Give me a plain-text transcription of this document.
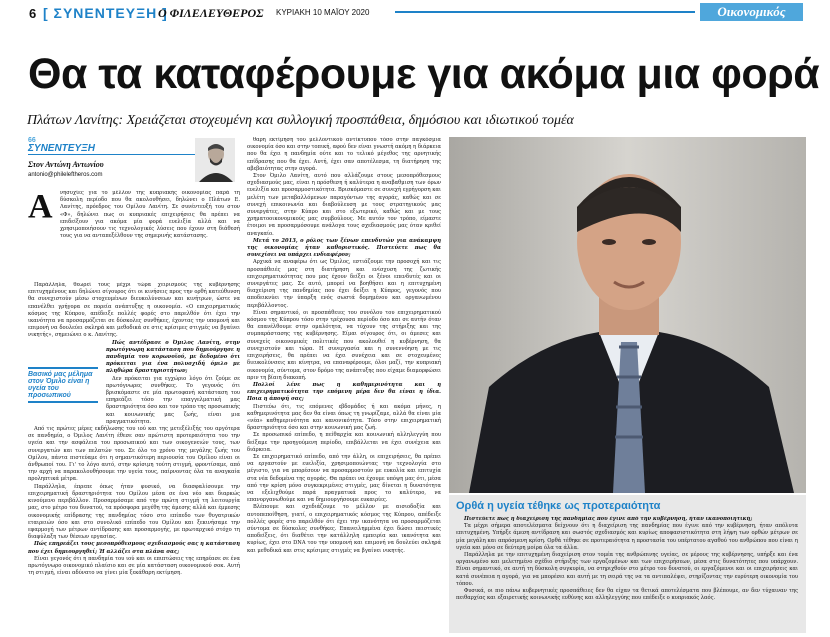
6 [ ΣΥΝΕΝΤΕΥΞΗ ]
Ο ΦΙΛΕΛΕΥΘΕΡΟΣ ΚΥΡΙΑΚΗ 10 ΜΑΪΟΥ 2020	Οικονομικός
Θα τα καταφέρουμε για ακόμα μια φορά
Πλάτων Λανίτης: Χρειάζεται στοχευμένη και συλλογική προσπάθεια, δημόσιου και ιδιωτικού τομέα
66
ΣΥΝΕΝΤΕΥΞΗ
Στον Αντώνη Αντωνίου
antonio@phileleftheros.com
Α νησυχίες για το μέλλον της κυπριακής οικονομίας παρά τη δύσκολη περίοδο που θα ακολουθήσει, δηλώνει ο Πλάτων Ε. Λανίτης, πρόεδρος του Ομίλου Λανίτη. Σε συνέντευξή του στον «Φ», δηλώνει πως οι κυπριακές επιχειρήσεις θα πρέπει να επιδείξουν για ακόμα μία φορά ευελιξία αλλά και να χρησιμοποιήσουν τις τεχνολογικές λύσεις που έχουν στη διάθεσή τους για να ανταπεξέλθουν της σημερινής κατάστασης.

Παράλληλα, θεωρεί τους μέχρι τώρα χειρισμούς της κυβέρνησης επιτυχημένους και δηλώνει σίγουρος ότι οι κινήσεις προς την ορθή κατεύθυνση θα συνεχιστούν μέσω στοχευμένων διευκολύνσεων και κινήτρων, ώστε να επανέλθει γρήγορα σε πορεία ανάπτυξης η οικονομία. «Ο επιχειρηματικός κόσμος της Κύπρου, απέδειξε πολλές φορές στο παρελθόν ότι έχει την ικανότητα να προσαρμόζεται σε δύσκολες συνθήκες, έχοντας την υπομονή και επιμονή να δουλεύει σκληρά και μεθοδικά σε στις κρίσιμες στιγμές να βγαίνει νικητής», σημειώνει ο κ. Λανίτης.

Πώς αντέδρασε ο Όμιλος Λανίτη, στην πρωτόγνωρη κατάσταση που δημιούργησε η πανδημία του κορωνοϊού, με δεδομένο ότι πρόκειται για ένα πολυσχιδή όμιλο με πληθώρα δραστηριοτήτων;

Δεν πρόκειται για εγχώριο λόγο ότι ζούμε σε πρωτόγνωρες συνθήκες. Το γεγονός ότι βρισκόμαστε σε μία πρωτοφανή κατάσταση του επηρεάζει τόσο την επαγγελματική μας δραστηριότητα όσο και τον τρόπο της προσωπικής και κοινωνικής μας ζωής, είναι μια πραγματικότητα.

Από τις πρώτες μέρες εκδήλωσης του ιού και της μετεξέλιξής του αργότερα σε πανδημία, ο Όμιλος Λανίτη έθεσε σαν πρώτιστη προτεραιότητα του την υγεία και την ασφάλεια του προσωπικού και των οικογενειών τους, των συνεργατών και των πελατών του. Σε όλο το χρόνο της μεγάλης ζωής του Ομίλου, πάντα πιστεύαμε ότι η σημαντικότερη περιουσία του Ομίλου είναι οι άνθρωποί του. Γι' το λόγο αυτό, στην κρίσιμη τούτη στιγμή, φροντίσαμε, από την αρχή να παρακολουθήσουμε την υγεία τους, παίρνοντας όλα τα αναγκαία προληπτικά μέτρα.

Παράλληλα, έπρεπε όπως ήταν φυσικό, να διασφαλίσουμε την επιχειρηματική δραστηριότητα του Ομίλου μέσα σε ένα νέο και διαρκώς κινούμενο περιβάλλον. Προσαρμόσαμε από την πρώτη στιγμή τη λειτουργία μας, στο μέτρο του δυνατού, τα πρόσφορα μεγέθη της άμεσης αλλά και έμμεσης οικονομικής επίδρασης της πανδημίας τόσο στο επίπεδο των θυγατρικών εταιρειών όσο και στο συνολικό επίπεδο του Ομίλου και ξεκινήσαμε την εφαρμογή των μέτρων αντίδρασης και προσαρμογής, με πρωταρχικό στόχο τη διαφύλαξη των θέσεων εργασίας.

Πώς επηρεάζει τους μεσοπρόθεσμους σχεδιασμούς σας η κατάσταση που έχει δημιουργηθεί; Ή αλλάζει στα πλάνα σας;

Είναι γεγονός ότι η πανδημία του ιού και οι επιπτώσεις της επηρέασε σε ένα πρωτόγνωρο οικονομικό πλαίσιο και σε μία κατάσταση οικονομικού σοκ. Αυτή τη στιγμή, είναι αδύνατο να γίνει μία ξεκάθαρη εκτίμηση.

Βασικό μας μέλημα στον Όμιλο είναι η υγεία του προσωπικού

θαρη εκτίμηση του μελλοντικού αντίκτυπου τόσο στην παγκόσμια οικονομία όσο και στην τοπική, αφού δεν είναι γνωστή ακόμη η διάρκεια που θα έχει η πανδημία ούτε και το τελικό μέγεθος της αρνητικής επίδρασης που θα έχει. Αυτή, έχει σαν αποτέλεσμα, τη διατήρηση της αβεβαιότητας στην αγορά.

Στον Όμιλο Λανίτη, αυτό που αλλάζουμε στους μεσοπρόθεσμους σχεδιασμούς μας, είναι η πρόσθεση ή καλύτερα η αναβαθμιση των όρων ευελιξία και προσαρμοστικότητα. Βρισκόμαστε σε συνεχή εγρήγορση και μελέτη των μεταβαλλόμενων παραγόντων της αγοράς, καθώς και σε συνεχή επικοινωνία και διαβούλευση με τους στρατηγικούς μας συνεργάτες, στην Κύπρο και στο εξωτερικό, καθώς και με τους χρηματοοικονομικούς μας συμβούλους. Με αυτόν τον τρόπο, είμαστε έτοιμοι να προσαρμόσουμε ανάλογα τους σχεδιασμούς μας όταν κριθεί αναγκαίο.

Μετά το 2013, ο ρόλος των ξένων επενδυτών για ανάκαμψη της οικονομίας ήταν καθοριστικός. Πιστεύετε πως θα συνεχίσει να υπάρχει ενδιαφέρον;

Αρχικά να αναφέρω ότι ως Όμιλος, εστιάζουμε την προσοχή και τις προσπάθειές μας στη διατήρηση και ενίσχυση της ζωτικής επιχειρηματικότητας που μας έχουν δείξει οι ξένοι επενδυτές και οι συνεργάτες μας. Σε αυτό, μπορεί να βοηθήσει και η επιτυχημένη διαχείριση της πανδημίας που έχει δείξει η Κύπρος, γεγονός που αποδεικνύει την ύπαρξη ενός σωστά δομημένου και οργανωμένου περιβάλλοντος.

Είναι σημαντικό, οι προσπάθειες του συνόλου του επιχειρηματικού κόσμου της Κύπρου τόσο στην τρέχουσα περίοδο όσο και σε αυτήν όταν θα επανέλθουμε στην ομαλότητα, να τύχουν της στήριξης και της συμπαράστασης της κυβέρνησης. Είμαι σίγουρος ότι, οι άμεσες και συνεχείς οικονομικές πολιτικές που ακολουθεί η κυβέρνηση, θα συνεχιστούν και τώρα. Η συνεργασία και η συνεννόηση με τις επιχειρήσεις, θα πρέπει να έχει συνέχεια και σε στοχευμένες διευκολύνσεις και κίνητρα, να επαναφέρουμε, όλοι μαζί, την κυπριακή οικονομία, σύντομα, στον δρόμο της ανάπτυξης που είχαμε διαμορφώσει πριν τη βίαιη διακοπή.

Πολλοί λένε πως η καθημερινότητα και η επιχειρηματικότητα την επόμενη μέρα δεν θα είναι η ίδια. Ποια η άποψή σας;

Πιστεύω ότι, τις επόμενες εβδομάδες ή και ακόμα μήνες, η καθημερινότητα μας δεν θα είναι όπως τη γνωρίζαμε, αλλά θα είναι μία «νέα» καθημερινότητα και κανονικότητα. Τόσο στην επιχειρηματική δραστηριότητα όσο και στην κοινωνική μας ζωή.

Σε προσωπικό επίπεδο, η πείθαρχία και κοινωνική αλληλεγγύη που δείξαμε την προηγούμενη περίοδο, επιβάλλεται να έχει συνέχεια και διάρκεια.

Σε επιχειρηματικό επίπεδο, από την άλλη, οι επιχειρήσεις, θα πρέπει να εργαστούν με ευελιξία, χρησιμοποιώντας την τεχνολογία στο μέγιστο, για να μπορέσουν να προσαρμοστούν με ευκολία και επιτυχία στα νέα δεδομένα της αγοράς. Θα πρέπει να έχουμε υπόψη μας ότι, μέσα από την κρίση μόνο συγκεκριμένες στιγμές, μας δίνεται η δυνατότητα να εξελιχθούμε παρά πραγματικά προς το καλύτερο, να επανοργανωθούμε και να δημιουργήσουμε ευκαιρίες.

Βλέπουμε και σχεδιάζουμε το μέλλον με αισιοδοξία και αυτοπεποίθηση, γιατί, ο επιχειρηματικός κόσμος της Κύπρου, απέδειξε πολλές φορές στο παρελθόν ότι έχει την ικανότητα να προσαρμόζεται σύντομα σε δύσκολες συνθήκες. Επανειλημμένα έχει δώσει πειστικές αποδείξεις, ότι διαθέτει την κατάλληλη εμπειρία και ικανότητα και κυρίως, έχει στο DNA του την υπομονή και επιμονή να δουλεύει σκληρά και μεθοδικά και στις κρίσιμες στιγμές να βγαίνει νικητής.

Ορθά η υγεία τέθηκε ως προτεραιότητα

Πιστεύετε πως η διαχείριση της πανδημίας που έγινε από την κυβέρνηση, ήταν ικανοποιητική;

Τα μέχρι σήμερα αποτελέσματα δείχνουν ότι η διαχείριση της πανδημίας που έγινε από την κυβέρνηση, ήταν απόλυτα επιτυχημένη. Υπήρξε άμεση αντίδραση και σωστός σχεδιασμός και κυρίως αποφασιστικότητα στη λήψη των ορθών μέτρων σε μία μεγάλη και απρόσμενη κρίση. Ορθά τέθηκε σε προτεραιότητα η προστασία του υπέρτατου αγαθού του ανθρώπου που είναι η υγεία και μόνο σε δεύτερη μοίρα όλα τα άλλα.

Παράλληλα με την επιτυχημένη διαχείριση στον τομέα της ανθρώπινης υγείας, σε μέρους της κυβέρνησης, υπήρξε και ένα οργανωμένο και μελετημένο σχέδιο στήριξης των εργαζομένων και των επιχειρήσεων, μέσα στις δυνατότητες που υπάρχουν. Είναι σημαντικό, σε αυτή τη δύσκολη συγκυρία, να στηριχθούν στο μέτρο του δυνατού, οι εργαζόμενοι και οι επιχειρήσεις και κατά συνέπεια η αγορά, για να μπορέσει και αυτή με τη σειρά της να τα αντιπαλέψει, στηρίζοντας την ευρύτερη οικονομία του τόπου.

Φυσικά, οι πιο πάνω κυβερνητικές προσπάθειες δεν θα είχαν τα θετικά αποτελέσματα που βλέπουμε, αν δεν τύχαιναν της πειθαρχίας και εξαιρετικής κοινωνικής ευθύνης και αλληλεγγύης που επέδειξε ο κυπριακός λαός.
